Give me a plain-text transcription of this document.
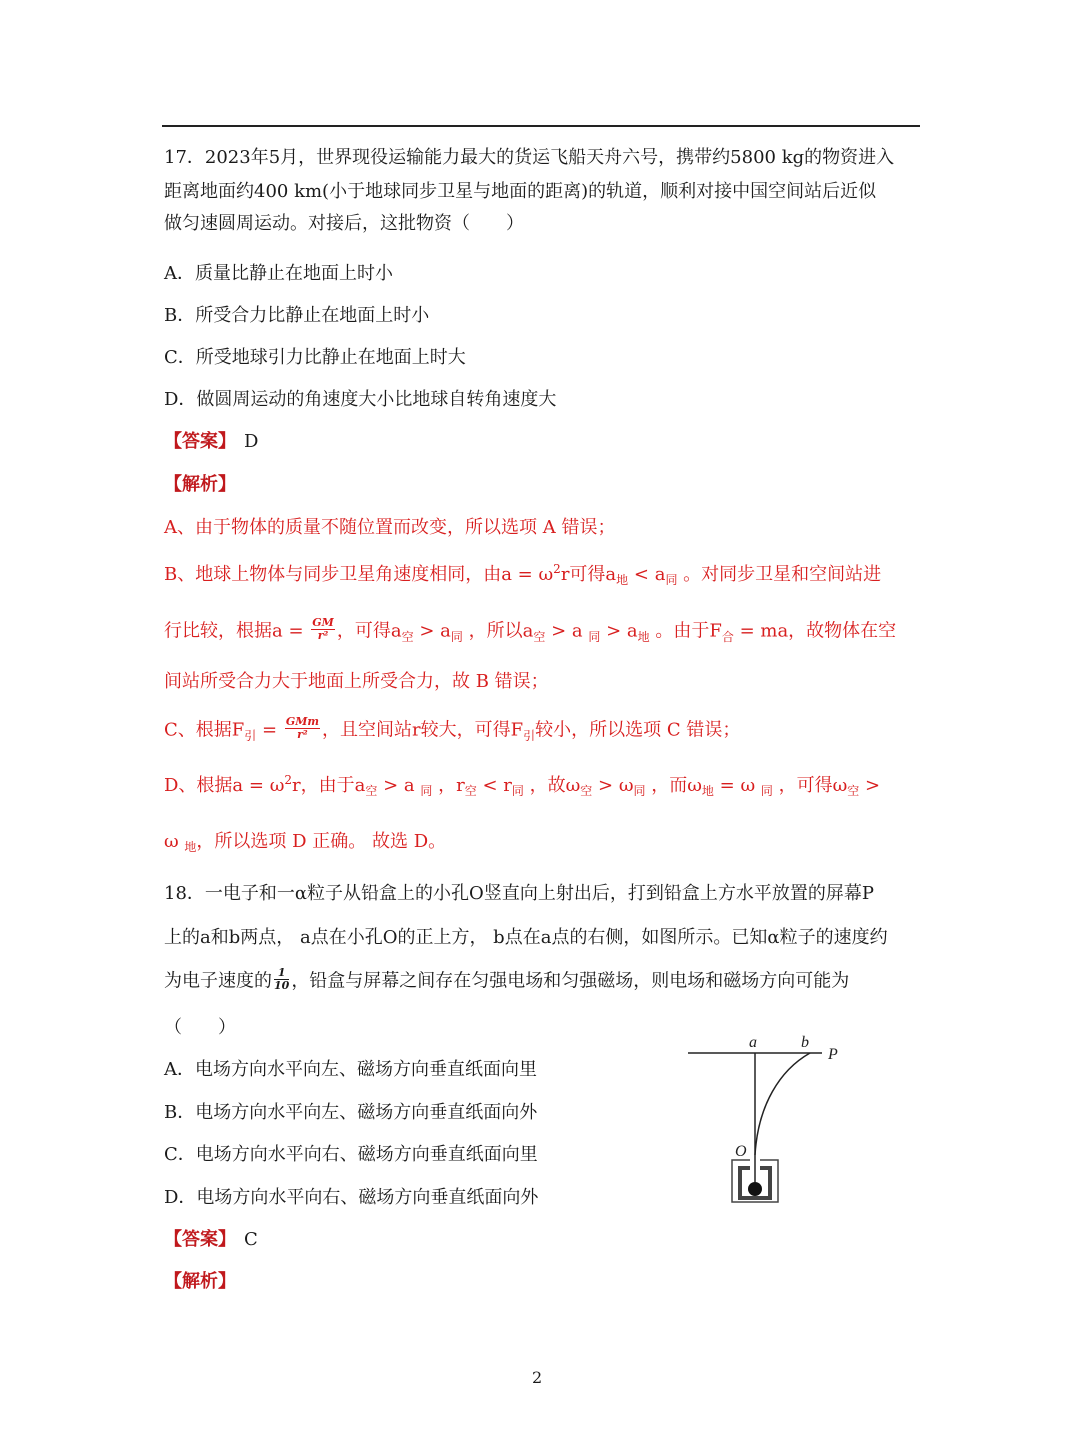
17．2023年5月，世界现役运输能力最大的货运飞船天舟六号，携带约5800 kg的物资进入
距离地面约400 km(小于地球同步卫星与地面的距离)的轨道，顺利对接中国空间站后近似
做匀速圆周运动。对接后，这批物资（　　）
A．质量比静止在地面上时小
B．所受合力比静止在地面上时小
C．所受地球引力比静止在地面上时大
D．做圆周运动的角速度大小比地球自转角速度大
【答案】 D
【解析】
A、由于物体的质量不随位置而改变，所以选项 A 错误；
B、地球上物体与同步卫星角速度相同，由$a = \omega^2r$可得$a_地 < a_同$ 。对同步卫星和空间站进
行比较，根据$a = \frac{GM}{\text{r²}}$ ，可得$a_空 > a_同$ ，所以$a_空 > a$ $_同 > a_地$ 。由于$F_合$ = ma，故物体在空
间站所受合力大于地面上所受合力，故 B 错误；
C、根据$F_引 = \frac{\text{GMm}}{\text{r²}}$ ，且空间站r较大，可得$F_引$较小，所以选项 C 错误；
D、根据$a = \omega^2r$，由于$a_空 > a$ $_同$ ，$r_空 < r_同$ ，故$\omega_空 > \omega_同$ ，而$\omega_地 = \omega$ $_同$ ，可得$\omega_空$ >
ω $_地$，所以选项 D 正确。 故选 D。
18．一电子和一α粒子从铅盒上的小孔O竖直向上射出后，打到铅盒上方水平放置的屏幕P
上的a和b两点， a点在小孔O的正上方， b点在a点的右侧，如图所示。已知α粒子的速度约
为电子速度的 $\frac{1}{10}$ ，铅盒与屏幕之间存在匀强电场和匀强磁场，则电场和磁场方向可能为
（　　）
A．电场方向水平向左、磁场方向垂直纸面向里
B．电场方向水平向左、磁场方向垂直纸面向外
C．电场方向水平向右、磁场方向垂直纸面向里
D．电场方向水平向右、磁场方向垂直纸面向外
【答案】 C
【解析】
a	b
P
O
2
